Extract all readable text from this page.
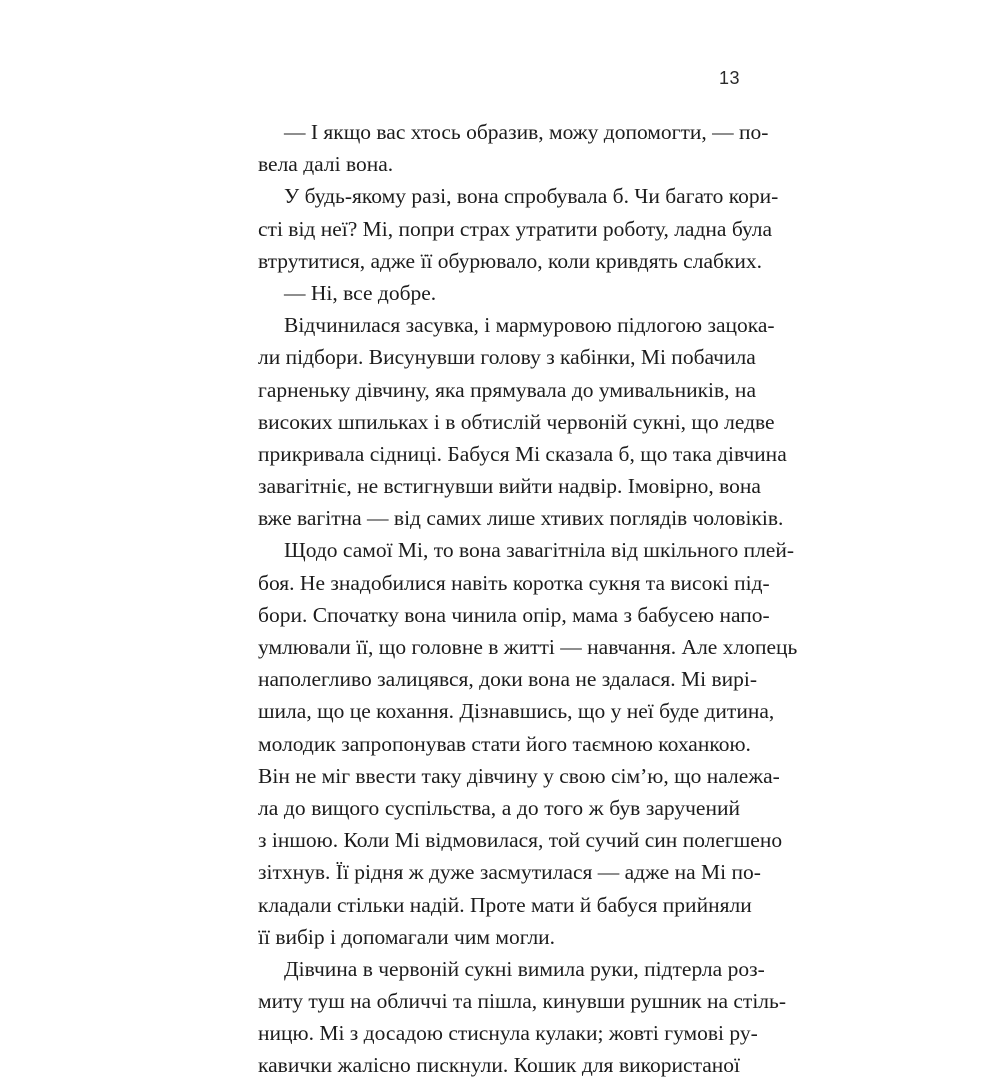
13
— І якщо вас хтось образив, можу допомогти, — по-
вела далі вона.
У будь-якому разі, вона спробувала б. Чи багато кори-
сті від неї? Мі, попри страх утратити роботу, ладна була
втрутитися, адже її обурювало, коли кривдять слабких.
— Ні, все добре.
Відчинилася засувка, і мармуровою підлогою зацока-
ли підбори. Висунувши голову з кабінки, Мі побачила
гарненьку дівчину, яка прямувала до умивальників, на
високих шпильках і в обтислій червоній сукні, що ледве
прикривала сідниці. Бабуся Мі сказала б, що така дівчина
завагітніє, не встигнувши вийти надвір. Імовірно, вона
вже вагітна — від самих лише хтивих поглядів чоловіків.
Щодо самої Мі, то вона завагітніла від шкільного плей-
боя. Не знадобилися навіть коротка сукня та високі під-
бори. Спочатку вона чинила опір, мама з бабусею напо-
умлювали її, що головне в житті — навчання. Але хлопець
наполегливо залицявся, доки вона не здалася. Мі вирі-
шила, що це кохання. Дізнавшись, що у неї буде дитина,
молодик запропонував стати його таємною коханкою.
Він не міг ввести таку дівчину у свою сім’ю, що належа-
ла до вищого суспільства, а до того ж був заручений
з іншою. Коли Мі відмовилася, той сучий син полегшено
зітхнув. Її рідня ж дуже засмутилася — адже на Мі по-
кладали стільки надій. Проте мати й бабуся прийняли
її вибір і допомагали чим могли.
Дівчина в червоній сукні вимила руки, підтерла роз-
миту туш на обличчі та пішла, кинувши рушник на стіль-
ницю. Мі з досадою стиснула кулаки; жовті гумові ру-
кавички жалісно пискнули. Кошик для використаної
